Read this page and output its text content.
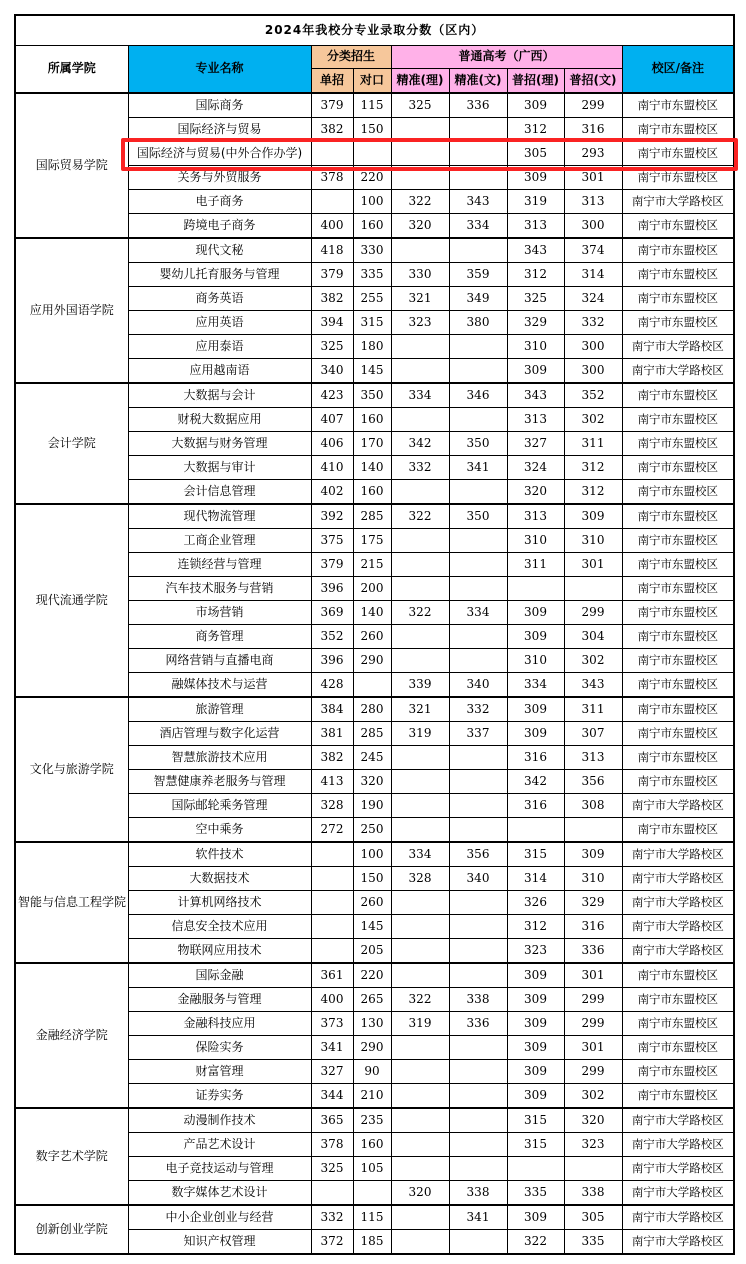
2024年我校分专业录取分数（区内）								
所属学院	专业名称	分类招生		普通高考（广西）				校区/备注
		单招	对口	精准(理)	精准(文)	普招(理)	普招(文)	
国际贸易学院	国际商务	379	115	325	336	309	299	南宁市东盟校区
	国际经济与贸易	382	150			312	316	南宁市东盟校区
	国际经济与贸易(中外合作办学)					305	293	南宁市东盟校区
	关务与外贸服务	378	220			309	301	南宁市东盟校区
	电子商务		100	322	343	319	313	南宁市大学路校区
	跨境电子商务	400	160	320	334	313	300	南宁市东盟校区
应用外国语学院	现代文秘	418	330			343	374	南宁市东盟校区
	婴幼儿托育服务与管理	379	335	330	359	312	314	南宁市东盟校区
	商务英语	382	255	321	349	325	324	南宁市东盟校区
	应用英语	394	315	323	380	329	332	南宁市东盟校区
	应用泰语	325	180			310	300	南宁市大学路校区
	应用越南语	340	145			309	300	南宁市大学路校区
会计学院	大数据与会计	423	350	334	346	343	352	南宁市东盟校区
	财税大数据应用	407	160			313	302	南宁市东盟校区
	大数据与财务管理	406	170	342	350	327	311	南宁市东盟校区
	大数据与审计	410	140	332	341	324	312	南宁市东盟校区
	会计信息管理	402	160			320	312	南宁市东盟校区
现代流通学院	现代物流管理	392	285	322	350	313	309	南宁市东盟校区
	工商企业管理	375	175			310	310	南宁市东盟校区
	连锁经营与管理	379	215			311	301	南宁市东盟校区
	汽车技术服务与营销	396	200					南宁市东盟校区
	市场营销	369	140	322	334	309	299	南宁市东盟校区
	商务管理	352	260			309	304	南宁市东盟校区
	网络营销与直播电商	396	290			310	302	南宁市东盟校区
	融媒体技术与运营	428		339	340	334	343	南宁市东盟校区
文化与旅游学院	旅游管理	384	280	321	332	309	311	南宁市东盟校区
	酒店管理与数字化运营	381	285	319	337	309	307	南宁市东盟校区
	智慧旅游技术应用	382	245			316	313	南宁市东盟校区
	智慧健康养老服务与管理	413	320			342	356	南宁市东盟校区
	国际邮轮乘务管理	328	190			316	308	南宁市大学路校区
	空中乘务	272	250					南宁市东盟校区
智能与信息工程学院	软件技术		100	334	356	315	309	南宁市大学路校区
	大数据技术		150	328	340	314	310	南宁市大学路校区
	计算机网络技术		260			326	329	南宁市大学路校区
	信息安全技术应用		145			312	316	南宁市大学路校区
	物联网应用技术		205			323	336	南宁市大学路校区
金融经济学院	国际金融	361	220			309	301	南宁市东盟校区
	金融服务与管理	400	265	322	338	309	299	南宁市东盟校区
	金融科技应用	373	130	319	336	309	299	南宁市东盟校区
	保险实务	341	290			309	301	南宁市东盟校区
	财富管理	327	90			309	299	南宁市东盟校区
	证券实务	344	210			309	302	南宁市东盟校区
数字艺术学院	动漫制作技术	365	235			315	320	南宁市大学路校区
	产品艺术设计	378	160			315	323	南宁市大学路校区
	电子竞技运动与管理	325	105					南宁市大学路校区
	数字媒体艺术设计			320	338	335	338	南宁市大学路校区
创新创业学院	中小企业创业与经营	332	115		341	309	305	南宁市大学路校区
	知识产权管理	372	185			322	335	南宁市大学路校区
